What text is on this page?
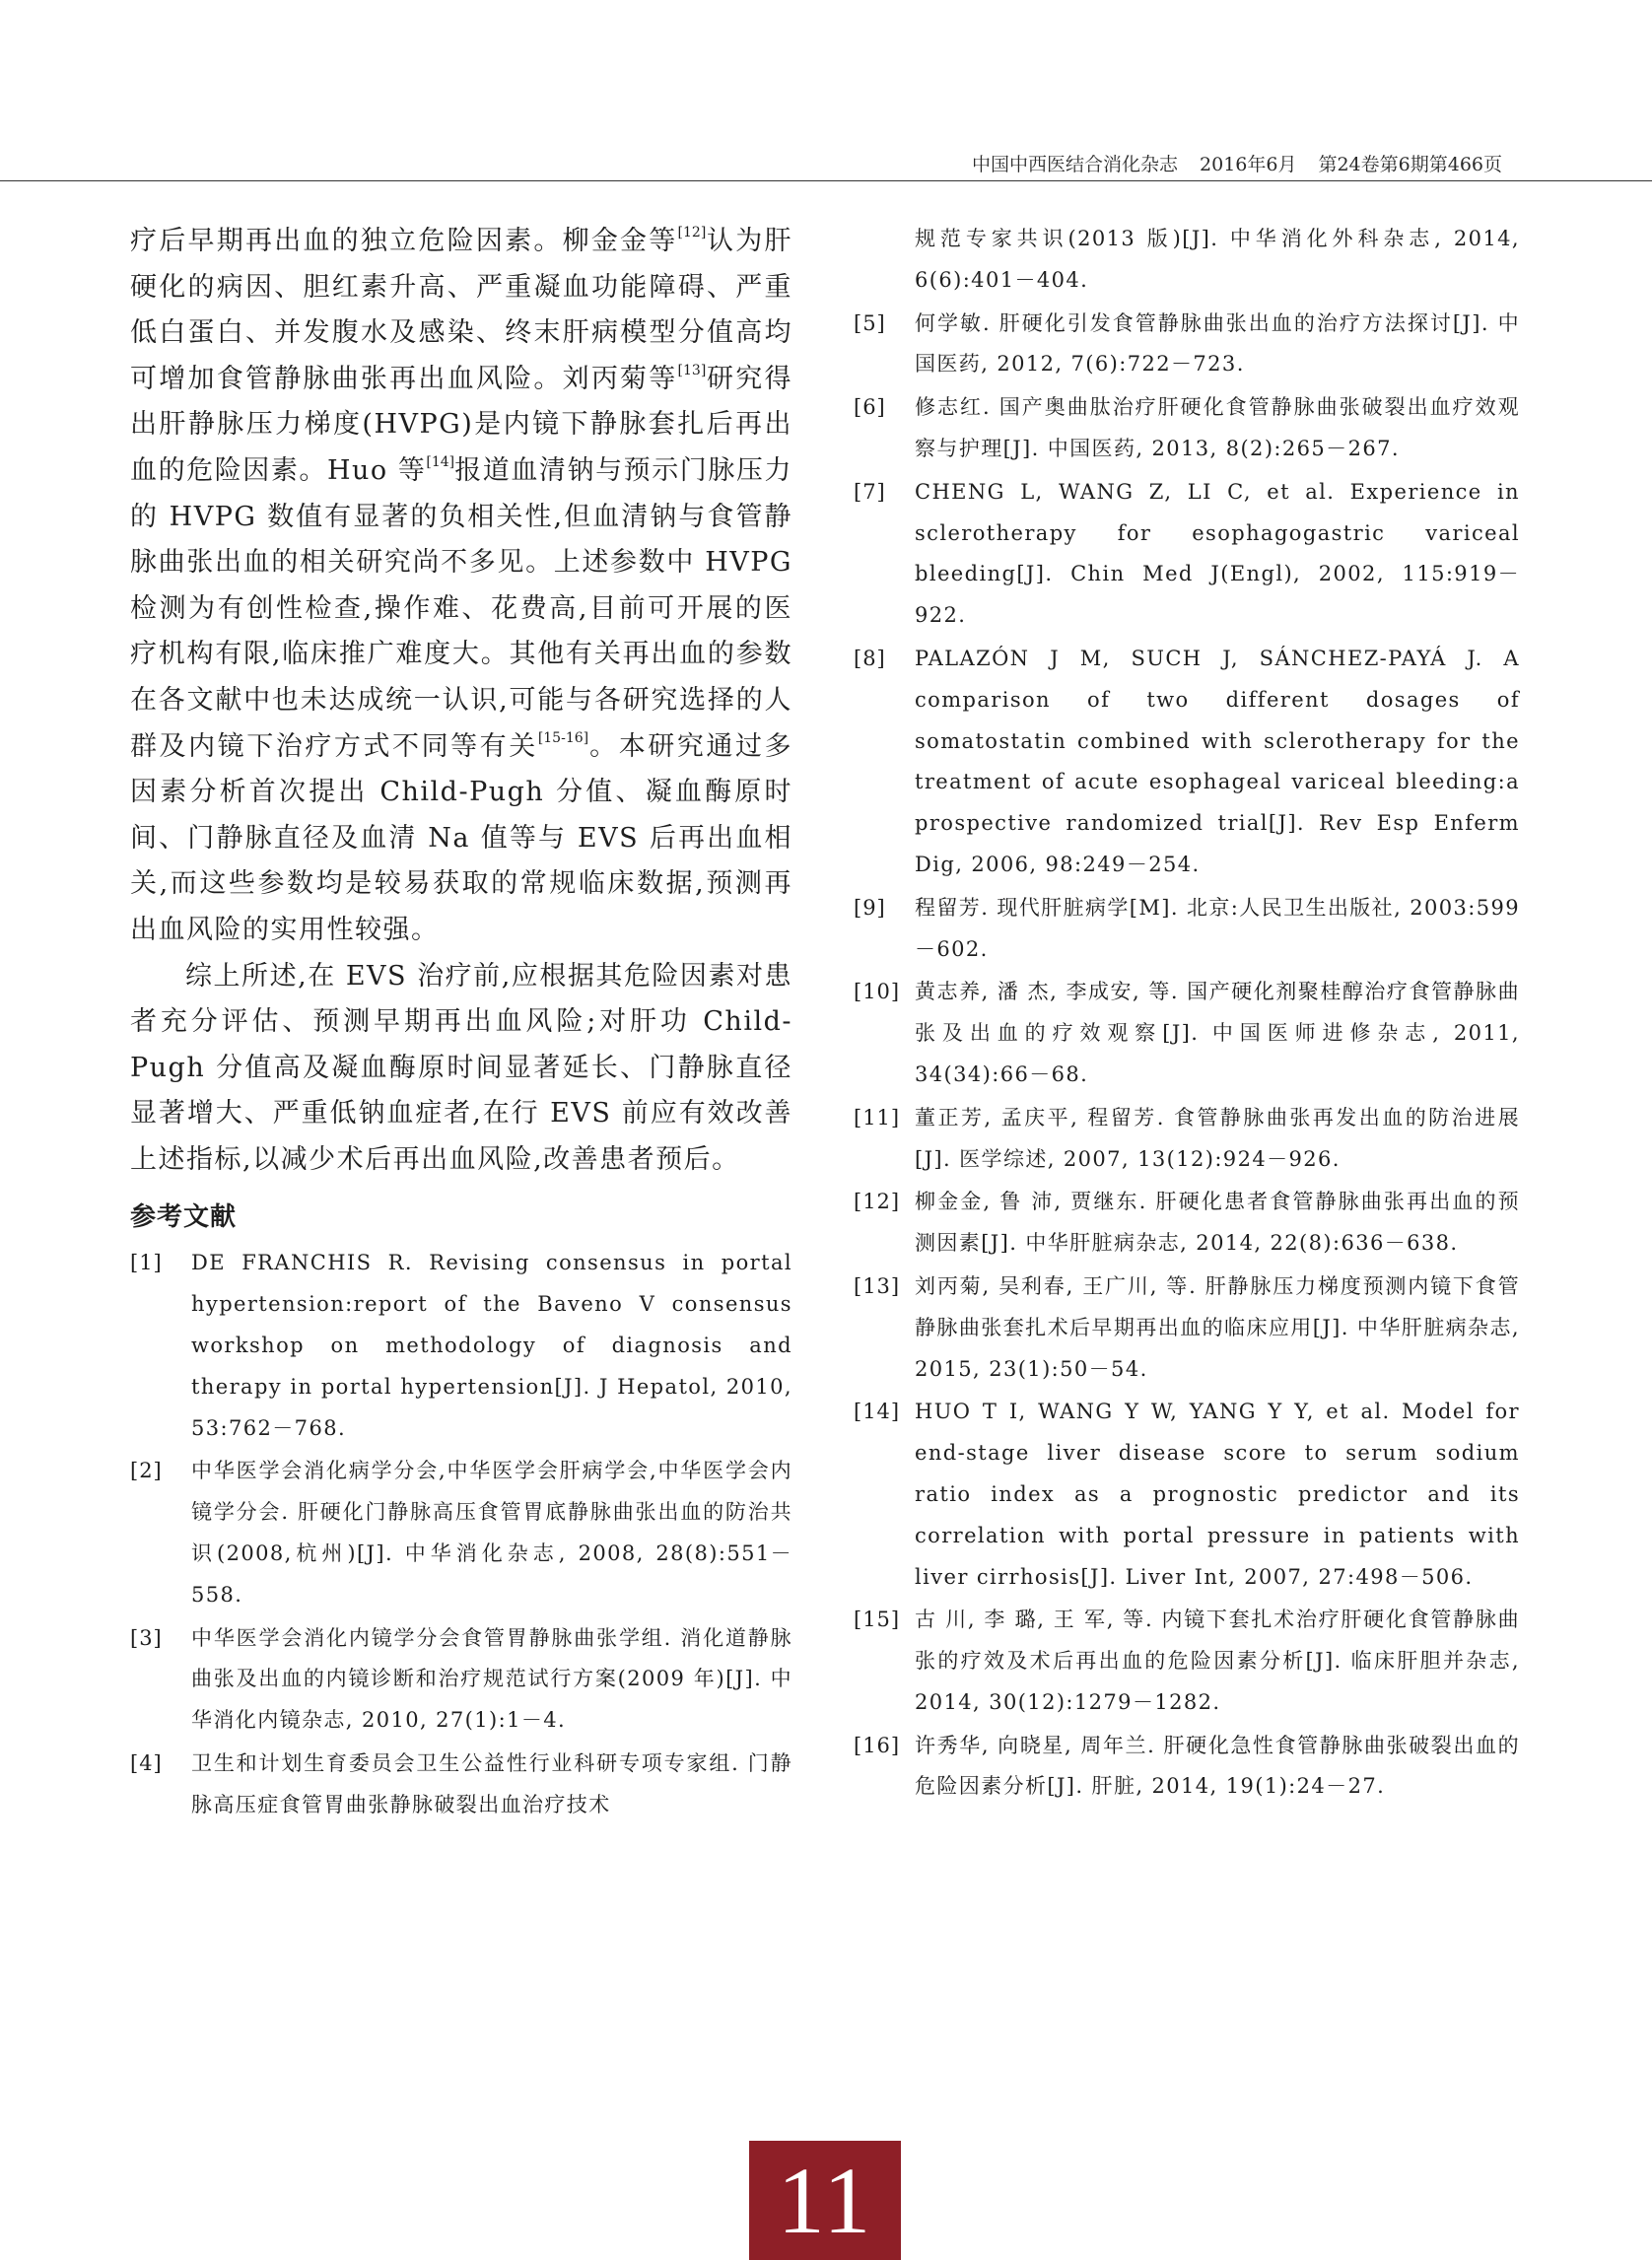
中国中西医结合消化杂志 2016年6月 第24卷第6期第466页

疗后早期再出血的独立危险因素。柳金金等[12]认为肝硬化的病因、胆红素升高、严重凝血功能障碍、严重低白蛋白、并发腹水及感染、终末肝病模型分值高均可增加食管静脉曲张再出血风险。刘丙菊等[13]研究得出肝静脉压力梯度(HVPG)是内镜下静脉套扎后再出血的危险因素。Huo 等[14]报道血清钠与预示门脉压力的 HVPG 数值有显著的负相关性,但血清钠与食管静脉曲张出血的相关研究尚不多见。上述参数中 HVPG 检测为有创性检查,操作难、花费高,目前可开展的医疗机构有限,临床推广难度大。其他有关再出血的参数在各文献中也未达成统一认识,可能与各研究选择的人群及内镜下治疗方式不同等有关[15-16]。本研究通过多因素分析首次提出 Child-Pugh 分值、凝血酶原时间、门静脉直径及血清 Na 值等与 EVS 后再出血相关,而这些参数均是较易获取的常规临床数据,预测再出血风险的实用性较强。

综上所述,在 EVS 治疗前,应根据其危险因素对患者充分评估、预测早期再出血风险;对肝功 Child-Pugh 分值高及凝血酶原时间显著延长、门静脉直径显著增大、严重低钠血症者,在行 EVS 前应有效改善上述指标,以减少术后再出血风险,改善患者预后。

参考文献
[1]	DE FRANCHIS R. Revising consensus in portal hypertension:report of the Baveno V consensus workshop on methodology of diagnosis and therapy in portal hypertension[J]. J Hepatol, 2010, 53:762－768.
[2]	中华医学会消化病学分会,中华医学会肝病学会,中华医学会内镜学分会. 肝硬化门静脉高压食管胃底静脉曲张出血的防治共识(2008,杭州)[J]. 中华消化杂志, 2008, 28(8):551－558.
[3]	中华医学会消化内镜学分会食管胃静脉曲张学组. 消化道静脉曲张及出血的内镜诊断和治疗规范试行方案(2009 年)[J]. 中华消化内镜杂志, 2010, 27(1):1－4.
[4]	卫生和计划生育委员会卫生公益性行业科研专项专家组. 门静脉高压症食管胃曲张静脉破裂出血治疗技术
规范专家共识(2013 版)[J]. 中华消化外科杂志, 2014, 6(6):401－404.
[5]	何学敏. 肝硬化引发食管静脉曲张出血的治疗方法探讨[J]. 中国医药, 2012, 7(6):722－723.
[6]	修志红. 国产奥曲肽治疗肝硬化食管静脉曲张破裂出血疗效观察与护理[J]. 中国医药, 2013, 8(2):265－267.
[7]	CHENG L, WANG Z, LI C, et al. Experience in sclerotherapy for esophagogastric variceal bleeding[J]. Chin Med J(Engl), 2002, 115:919－922.
[8]	PALAZÓN J M, SUCH J, SÁNCHEZ-PAYÁ J. A comparison of two different dosages of somatostatin combined with sclerotherapy for the treatment of acute esophageal variceal bleeding:a prospective randomized trial[J]. Rev Esp Enferm Dig, 2006, 98:249－254.
[9]	程留芳. 现代肝脏病学[M]. 北京:人民卫生出版社, 2003:599－602.
[10] 黄志养, 潘 杰, 李成安, 等. 国产硬化剂聚桂醇治疗食管静脉曲张及出血的疗效观察[J]. 中国医师进修杂志, 2011, 34(34):66－68.
[11] 董正芳, 孟庆平, 程留芳. 食管静脉曲张再发出血的防治进展[J]. 医学综述, 2007, 13(12):924－926.
[12] 柳金金, 鲁 沛, 贾继东. 肝硬化患者食管静脉曲张再出血的预测因素[J]. 中华肝脏病杂志, 2014, 22(8):636－638.
[13] 刘丙菊, 吴利春, 王广川, 等. 肝静脉压力梯度预测内镜下食管静脉曲张套扎术后早期再出血的临床应用[J]. 中华肝脏病杂志, 2015, 23(1):50－54.
[14] HUO T I, WANG Y W, YANG Y Y, et al. Model for end-stage liver disease score to serum sodium ratio index as a prognostic predictor and its correlation with portal pressure in patients with liver cirrhosis[J]. Liver Int, 2007, 27:498－506.
[15] 古 川, 李 璐, 王 军, 等. 内镜下套扎术治疗肝硬化食管静脉曲张的疗效及术后再出血的危险因素分析[J]. 临床肝胆并杂志, 2014, 30(12):1279－1282.
[16] 许秀华, 向晓星, 周年兰. 肝硬化急性食管静脉曲张破裂出血的危险因素分析[J]. 肝脏, 2014, 19(1):24－27.
11
